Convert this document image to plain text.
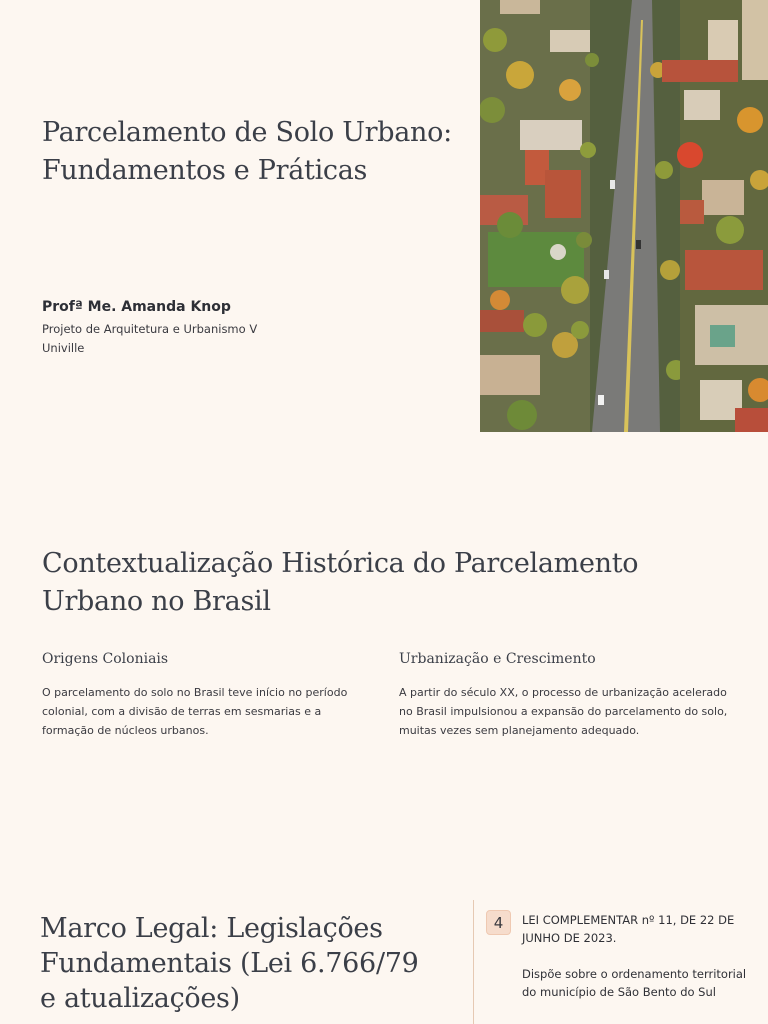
Parcelamento de Solo Urbano: Fundamentos e Práticas
Profª Me. Amanda Knop
Projeto de Arquitetura e Urbanismo V
Univille
Contextualização Histórica do Parcelamento Urbano no Brasil
Origens Coloniais

O parcelamento do solo no Brasil teve início no período colonial, com a divisão de terras em sesmarias e a formação de núcleos urbanos.

Urbanização e Crescimento

A partir do século XX, o processo de urbanização acelerado no Brasil impulsionou a expansão do parcelamento do solo, muitas vezes sem planejamento adequado.

Marco Legal: Legislações Fundamentais (Lei 6.766/79 e atualizações)
4	LEI COMPLEMENTAR nº 11, DE 22 DE JUNHO DE 2023.
Dispõe sobre o ordenamento territorial do município de São Bento do Sul
